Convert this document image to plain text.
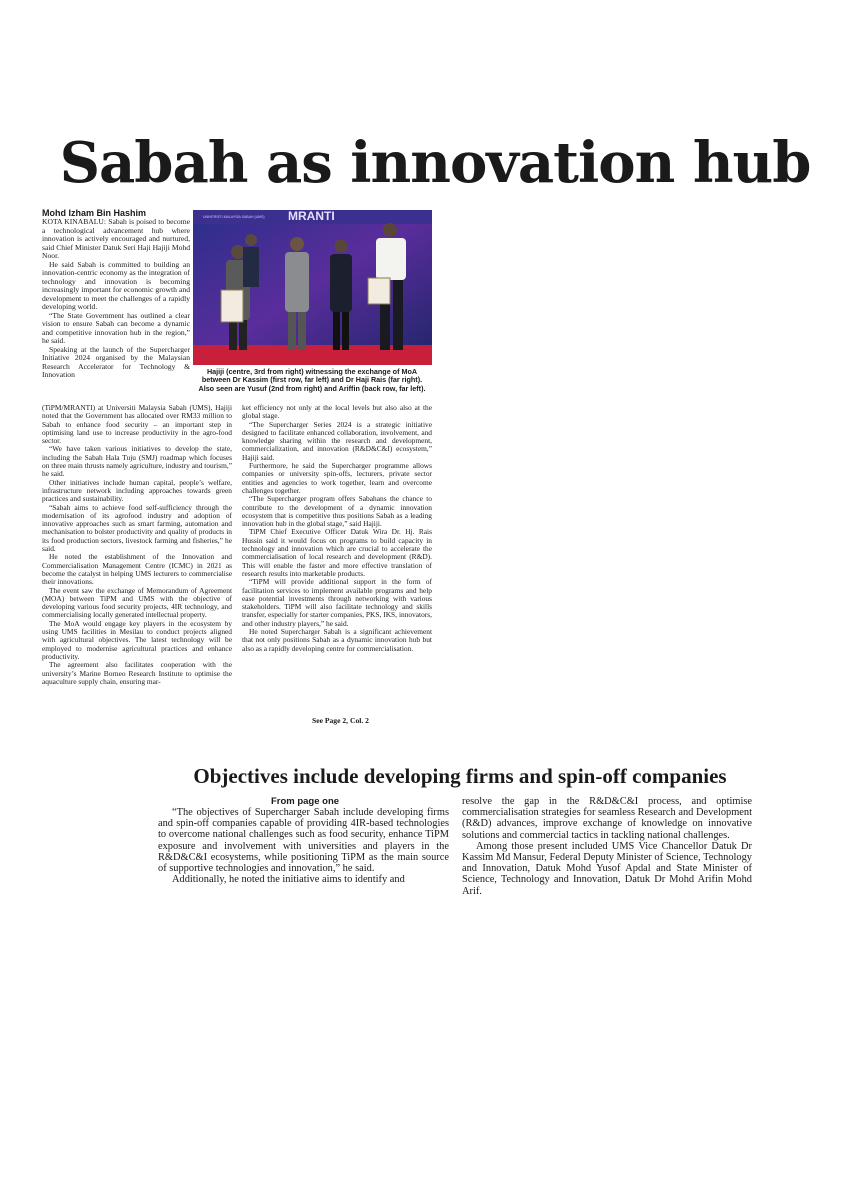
Sabah as innovation hub
Mohd Izham Bin Hashim

KOTA KINABALU: Sabah is poised to become a technological advancement hub where innovation is actively encouraged and nurtured, said Chief Minister Datuk Seri Haji Hajiji Mohd Noor.

He said Sabah is committed to building an innovation-centric economy as the integration of technology and innovation is becoming increasingly important for economic growth and development to meet the challenges of a rapidly developing world.

“The State Government has outlined a clear vision to ensure Sabah can become a dynamic and competitive innovation hub in the region,” he said.

Speaking at the launch of the Supercharger Initiative 2024 organised by the Malaysian Research Accelerator for Technology & Innovation

MRANTI
UNIVERSITI MALAYSIA SABAH (UMS)
Hajiji (centre, 3rd from right) witnessing the exchange of MoA between Dr Kassim (first row, far left) and Dr Haji Rais (far right). Also seen are Yusuf (2nd from right) and Ariffin (back row, far left).

(TiPM/MRANTI) at Universiti Malaysia Sabah (UMS), Hajiji noted that the Government has allocated over RM33 million to Sabah to enhance food security – an important step in optimising land use to increase productivity in the agro-food sector.

“We have taken various initiatives to develop the state, including the Sabah Hala Tuju (SMJ) roadmap which focuses on three main thrusts namely agriculture, industry and tourism,” he said.

Other initiatives include human capital, people’s welfare, infrastructure network including approaches towards green practices and sustainability.

“Sabah aims to achieve food self-sufficiency through the modernisation of its agrofood industry and adoption of innovative approaches such as smart farming, automation and mechanisation to bolster productivity and quality of products in its food production sectors, livestock farming and fisheries,” he said.

He noted the establishment of the Innovation and Commercialisation Management Centre (ICMC) in 2021 as become the catalyst in helping UMS lecturers to commercialise their innovations.

The event saw the exchange of Memorandum of Agreement (MOA) between TiPM and UMS with the objective of developing various food security projects, 4IR technology, and commercialising locally generated intellectual property.

The MoA would engage key players in the ecosystem by using UMS facilities in Mesilau to conduct projects aligned with agricultural objectives. The latest technology will be employed to modernise agricultural practices and enhance productivity.

The agreement also facilitates cooperation with the university’s Marine Borneo Research Institute to optimise the aquaculture supply chain, ensuring mar-

ket efficiency not only at the local levels but also also at the global stage.

“The Supercharger Series 2024 is a strategic initiative designed to facilitate enhanced collaboration, involvement, and knowledge sharing within the research and development, commercialization, and innovation (R&D&C&I) ecosystem,” Hajiji said.

Furthermore, he said the Supercharger programme allows companies or university spin-offs, lecturers, private sector entities and agencies to work together, learn and overcome challenges together.

“The Supercharger program offers Sabahans the chance to contribute to the development of a dynamic innovation ecosystem that is competitive thus positions Sabah as a leading innovation hub in the global stage,” said Hajiji.

TiPM Chief Executive Officer Datuk Wira Dr. Hj. Rais Hussin said it would focus on programs to build capacity in technology and innovation which are crucial to accelerate the commercialisation of local research and development (R&D). This will enable the faster and more effective translation of research results into marketable products.

“TiPM will provide additional support in the form of facilitation services to implement available programs and help ease potential investments through networking with various stakeholders. TiPM will also facilitate technology and skills transfer, especially for starter companies, PKS, IKS, innovators, and other industry players,” he said.

He noted Supercharger Sabah is a significant achievement that not only positions Sabah as a dynamic innovation hub but also as a rapidly developing centre for commercialisation.

See Page 2, Col. 2
Objectives include developing firms and spin-off companies
From page one

“The objectives of Supercharger Sabah include developing firms and spin-off companies capable of providing 4IR-based technologies to overcome national challenges such as food security, enhance TiPM exposure and involvement with universities and players in the R&D&C&I ecosystems, while positioning TiPM as the main source of supportive technologies and innovation,” he said.

Additionally, he noted the initiative aims to identify and

resolve the gap in the R&D&C&I process, and optimise commercialisation strategies for seamless Research and Development (R&D) advances, improve exchange of knowledge on innovative solutions and commercial tactics in tackling national challenges.

Among those present included UMS Vice Chancellor Datuk Dr Kassim Md Mansur, Federal Deputy Minister of Science, Technology and Innovation, Datuk Mohd Yusof Apdal and State Minister of Science, Technology and Innovation, Datuk Dr Mohd Arifin Mohd Arif.
